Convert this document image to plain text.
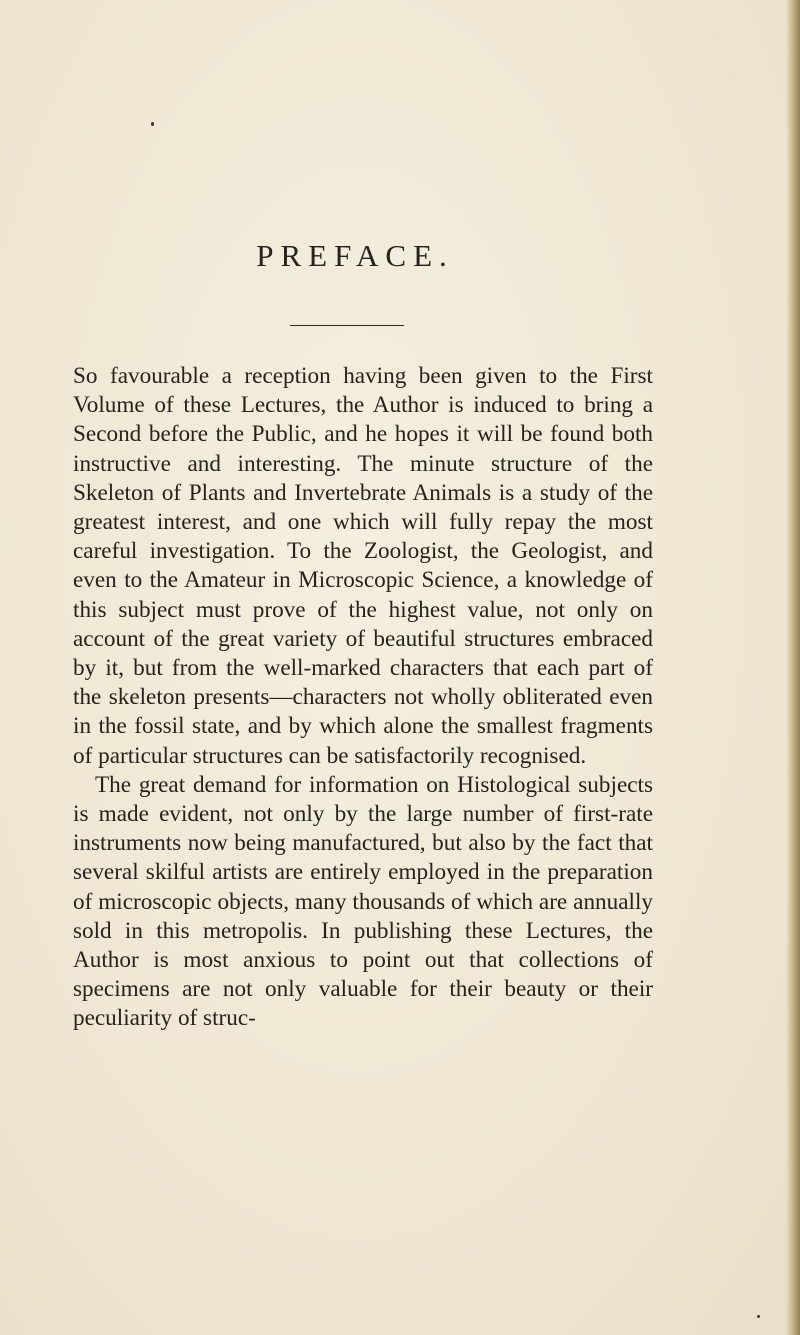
PREFACE.

So favourable a reception having been given to the First Volume of these Lectures, the Author is induced to bring a Second before the Public, and he hopes it will be found both instructive and interesting. The minute structure of the Skeleton of Plants and Invertebrate Animals is a study of the greatest interest, and one which will fully repay the most careful investigation. To the Zoologist, the Geologist, and even to the Amateur in Microscopic Science, a knowledge of this subject must prove of the highest value, not only on account of the great variety of beautiful structures embraced by it, but from the well-marked characters that each part of the skeleton presents—characters not wholly obliterated even in the fossil state, and by which alone the smallest fragments of particular structures can be satisfactorily recognised.

The great demand for information on Histological subjects is made evident, not only by the large number of first-rate instruments now being manufactured, but also by the fact that several skilful artists are entirely employed in the preparation of microscopic objects, many thousands of which are annually sold in this metropolis. In publishing these Lectures, the Author is most anxious to point out that collections of specimens are not only valuable for their beauty or their peculiarity of struc-
